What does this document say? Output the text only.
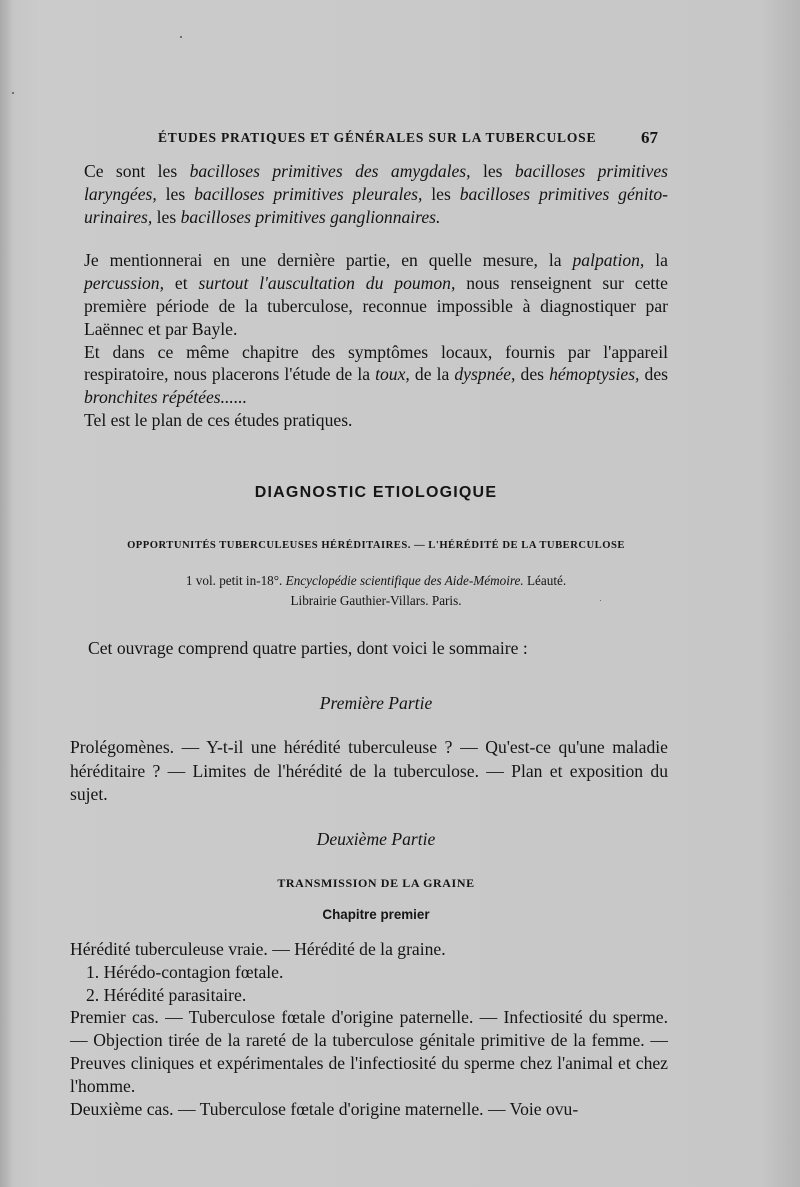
ÉTUDES PRATIQUES ET GÉNÉRALES SUR LA TUBERCULOSE	67

Ce sont les bacilloses primitives des amygdales, les bacilloses primitives laryngées, les bacilloses primitives pleurales, les bacilloses primitives génito-urinaires, les bacilloses primitives ganglionnaires.

Je mentionnerai en une dernière partie, en quelle mesure, la palpation, la percussion, et surtout l'auscultation du poumon, nous renseignent sur cette première période de la tuberculose, reconnue impossible à diagnostiquer par Laënnec et par Bayle.

Et dans ce même chapitre des symptômes locaux, fournis par l'appareil respiratoire, nous placerons l'étude de la toux, de la dyspnée, des hémoptysies, des bronchites répétées......

Tel est le plan de ces études pratiques.

DIAGNOSTIC ETIOLOGIQUE
OPPORTUNITÉS TUBERCULEUSES HÉRÉDITAIRES. — L'HÉRÉDITÉ DE LA TUBERCULOSE
1 vol. petit in-18°. Encyclopédie scientifique des Aide-Mémoire. Léauté.
Librairie Gauthier-Villars. Paris.
Cet ouvrage comprend quatre parties, dont voici le sommaire :
Première Partie
Prolégomènes. — Y-t-il une hérédité tuberculeuse ? — Qu'est-ce qu'une maladie héréditaire ? — Limites de l'hérédité de la tuberculose. — Plan et exposition du sujet.
Deuxième Partie
TRANSMISSION DE LA GRAINE
Chapitre premier

Hérédité tuberculeuse vraie. — Hérédité de la graine.

1. Hérédo-contagion fœtale.

2. Hérédité parasitaire.

Premier cas. — Tuberculose fœtale d'origine paternelle. — Infectiosité du sperme. — Objection tirée de la rareté de la tuberculose génitale primitive de la femme. — Preuves cliniques et expérimentales de l'infectiosité du sperme chez l'animal et chez l'homme.

Deuxième cas. — Tuberculose fœtale d'origine maternelle. — Voie ovu-
